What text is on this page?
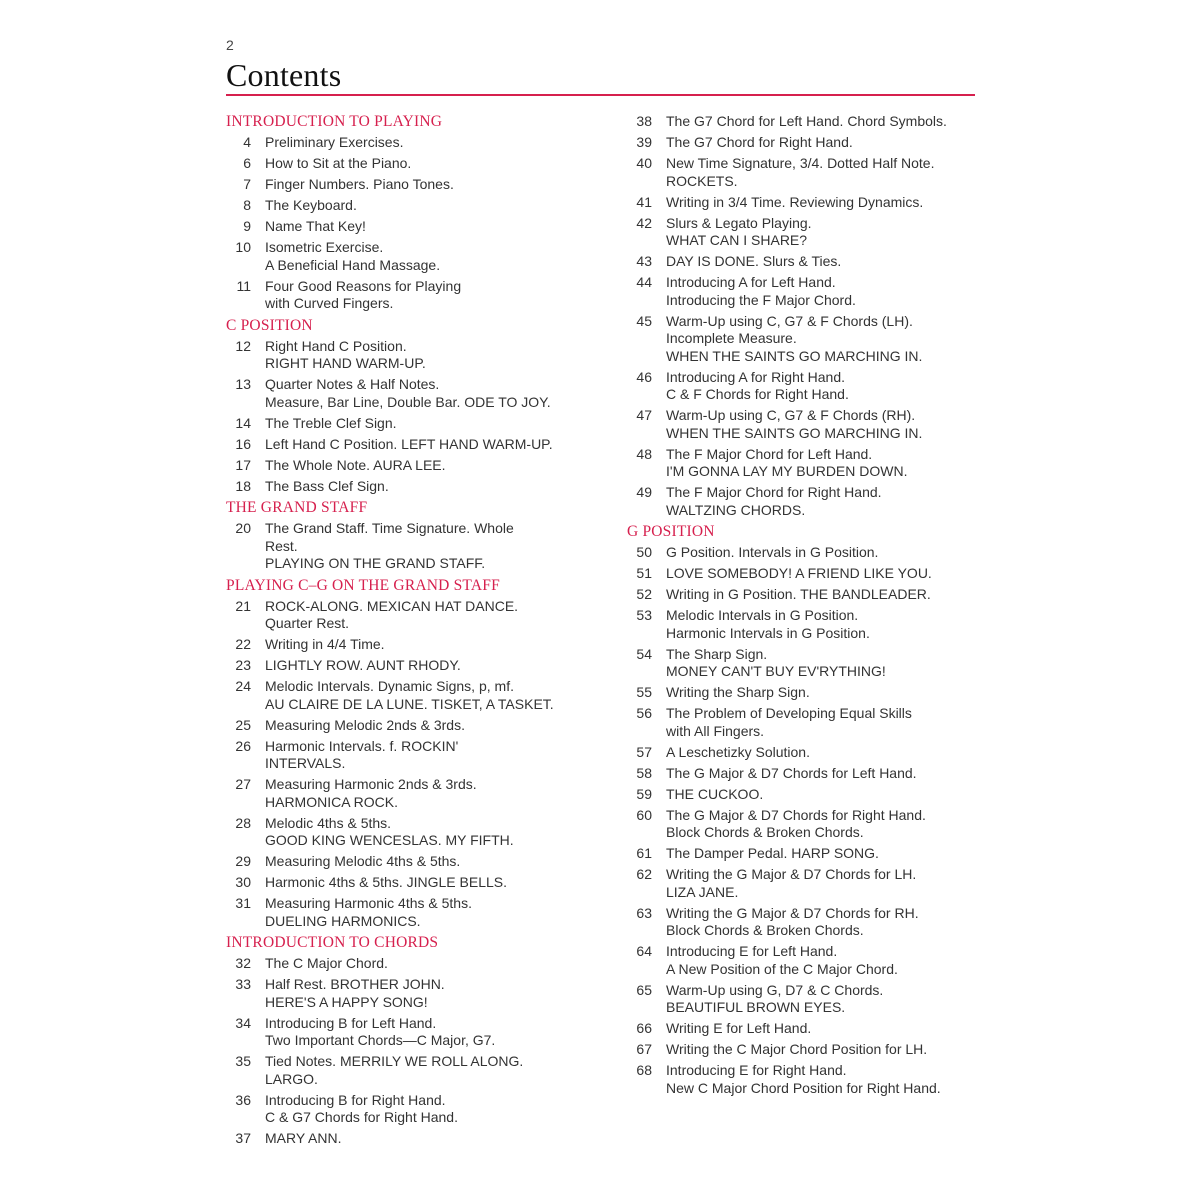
2
Contents
INTRODUCTION TO PLAYING
4 Preliminary Exercises.
6 How to Sit at the Piano.
7 Finger Numbers. Piano Tones.
8 The Keyboard.
9 Name That Key!
10 Isometric Exercise.
A Beneficial Hand Massage.
11 Four Good Reasons for Playing
with Curved Fingers.
C POSITION
12 Right Hand C Position.
RIGHT HAND WARM-UP.
13 Quarter Notes & Half Notes.
Measure, Bar Line, Double Bar. ODE TO JOY.
14 The Treble Clef Sign.
16 Left Hand C Position. LEFT HAND WARM-UP.
17 The Whole Note. AURA LEE.
18 The Bass Clef Sign.
THE GRAND STAFF
20 The Grand Staff. Time Signature. Whole
Rest.
PLAYING ON THE GRAND STAFF.
PLAYING C–G ON THE GRAND STAFF
21 ROCK-ALONG. MEXICAN HAT DANCE.
Quarter Rest.
22 Writing in 4/4 Time.
23 LIGHTLY ROW. AUNT RHODY.
24 Melodic Intervals. Dynamic Signs, p, mf.
AU CLAIRE DE LA LUNE. TISKET, A TASKET.
25 Measuring Melodic 2nds & 3rds.
26 Harmonic Intervals. f. ROCKIN'
INTERVALS.
27 Measuring Harmonic 2nds & 3rds.
HARMONICA ROCK.
28 Melodic 4ths & 5ths.
GOOD KING WENCESLAS. MY FIFTH.
29 Measuring Melodic 4ths & 5ths.
30 Harmonic 4ths & 5ths. JINGLE BELLS.
31 Measuring Harmonic 4ths & 5ths.
DUELING HARMONICS.
INTRODUCTION TO CHORDS
32 The C Major Chord.
33 Half Rest. BROTHER JOHN.
HERE'S A HAPPY SONG!
34 Introducing B for Left Hand.
Two Important Chords—C Major, G7.
35 Tied Notes. MERRILY WE ROLL ALONG.
LARGO.
36 Introducing B for Right Hand.
C & G7 Chords for Right Hand.
37 MARY ANN.
38 The G7 Chord for Left Hand. Chord Symbols.
39 The G7 Chord for Right Hand.
40 New Time Signature, 3/4. Dotted Half Note.
ROCKETS.
41 Writing in 3/4 Time. Reviewing Dynamics.
42 Slurs & Legato Playing.
WHAT CAN I SHARE?
43 DAY IS DONE. Slurs & Ties.
44 Introducing A for Left Hand.
Introducing the F Major Chord.
45 Warm-Up using C, G7 & F Chords (LH).
Incomplete Measure.
WHEN THE SAINTS GO MARCHING IN.
46 Introducing A for Right Hand.
C & F Chords for Right Hand.
47 Warm-Up using C, G7 & F Chords (RH).
WHEN THE SAINTS GO MARCHING IN.
48 The F Major Chord for Left Hand.
I'M GONNA LAY MY BURDEN DOWN.
49 The F Major Chord for Right Hand.
WALTZING CHORDS.
G POSITION
50 G Position. Intervals in G Position.
51 LOVE SOMEBODY! A FRIEND LIKE YOU.
52 Writing in G Position. THE BANDLEADER.
53 Melodic Intervals in G Position.
Harmonic Intervals in G Position.
54 The Sharp Sign.
MONEY CAN'T BUY EV'RYTHING!
55 Writing the Sharp Sign.
56 The Problem of Developing Equal Skills
with All Fingers.
57 A Leschetizky Solution.
58 The G Major & D7 Chords for Left Hand.
59 THE CUCKOO.
60 The G Major & D7 Chords for Right Hand.
Block Chords & Broken Chords.
61 The Damper Pedal. HARP SONG.
62 Writing the G Major & D7 Chords for LH.
LIZA JANE.
63 Writing the G Major & D7 Chords for RH.
Block Chords & Broken Chords.
64 Introducing E for Left Hand.
A New Position of the C Major Chord.
65 Warm-Up using G, D7 & C Chords.
BEAUTIFUL BROWN EYES.
66 Writing E for Left Hand.
67 Writing the C Major Chord Position for LH.
68 Introducing E for Right Hand.
New C Major Chord Position for Right Hand.
